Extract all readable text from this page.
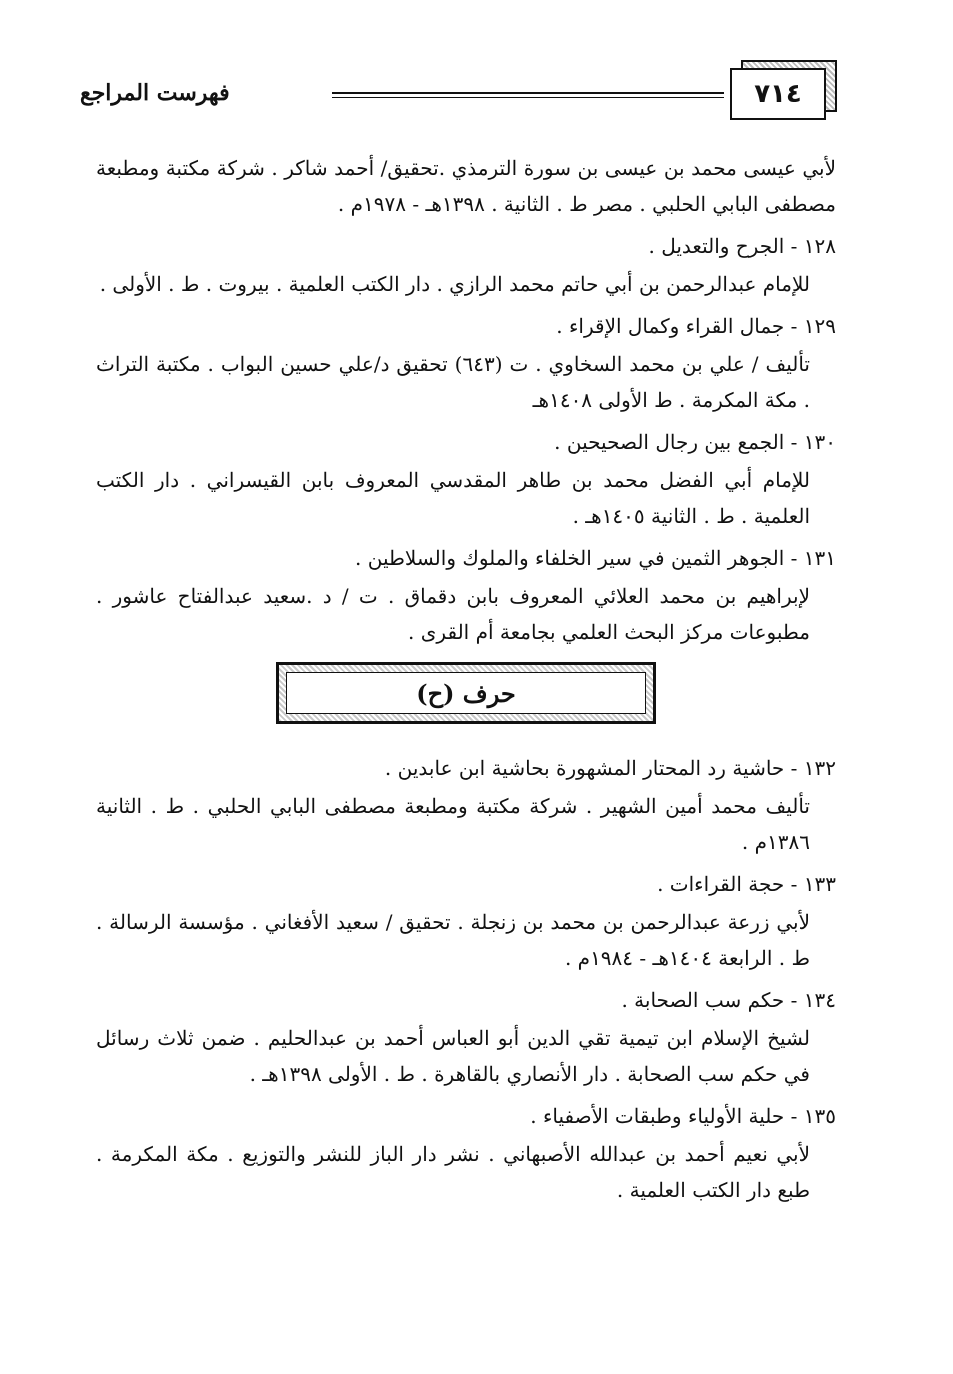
٧١٤
فهرست المراجع

لأبي عيسى محمد بن عيسى بن سورة الترمذي .تحقيق/ أحمد شاكر . شركة مكتبة ومطبعة مصطفى البابي الحلبي . مصر ط . الثانية . ١٣٩٨هـ - ١٩٧٨م .

١٢٨ - الجرح والتعديل .

للإمام عبدالرحمن بن أبي حاتم محمد الرازي . دار الكتب العلمية . بيروت . ط . الأولى .

١٢٩ - جمال القراء وكمال الإقراء .

تأليف / علي بن محمد السخاوي . ت (٦٤٣) تحقيق د/علي حسين البواب . مكتبة التراث . مكة المكرمة . ط الأولى ١٤٠٨هـ

١٣٠ - الجمع بين رجال الصحيحين .

للإمام أبي الفضل محمد بن طاهر المقدسي المعروف بابن القيسراني . دار الكتب العلمية . ط . الثانية ١٤٠٥هـ .

١٣١ - الجوهر الثمين في سير الخلفاء والملوك والسلاطين .

لإبراهيم بن محمد العلائي المعروف بابن دقماق . ت / د .سعيد عبدالفتاح عاشور . مطبوعات مركز البحث العلمي بجامعة أم القرى .

حرف (ح)

١٣٢ - حاشية رد المحتار المشهورة بحاشية ابن عابدين .

تأليف محمد أمين الشهير . شركة مكتبة ومطبعة مصطفى البابي الحلبي . ط . الثانية ١٣٨٦م .

١٣٣ - حجة القراءات .

لأبي زرعة عبدالرحمن بن محمد بن زنجلة . تحقيق / سعيد الأفغاني . مؤسسة الرسالة . ط . الرابعة ١٤٠٤هـ - ١٩٨٤م .

١٣٤ - حكم سب الصحابة .

لشيخ الإسلام ابن تيمية تقي الدين أبو العباس أحمد بن عبدالحليم . ضمن ثلاث رسائل في حكم سب الصحابة . دار الأنصاري بالقاهرة . ط . الأولى ١٣٩٨هـ .

١٣٥ - حلية الأولياء وطبقات الأصفياء .

لأبي نعيم أحمد بن عبدالله الأصبهاني . نشر دار الباز للنشر والتوزيع . مكة المكرمة . طبع دار الكتب العلمية .
